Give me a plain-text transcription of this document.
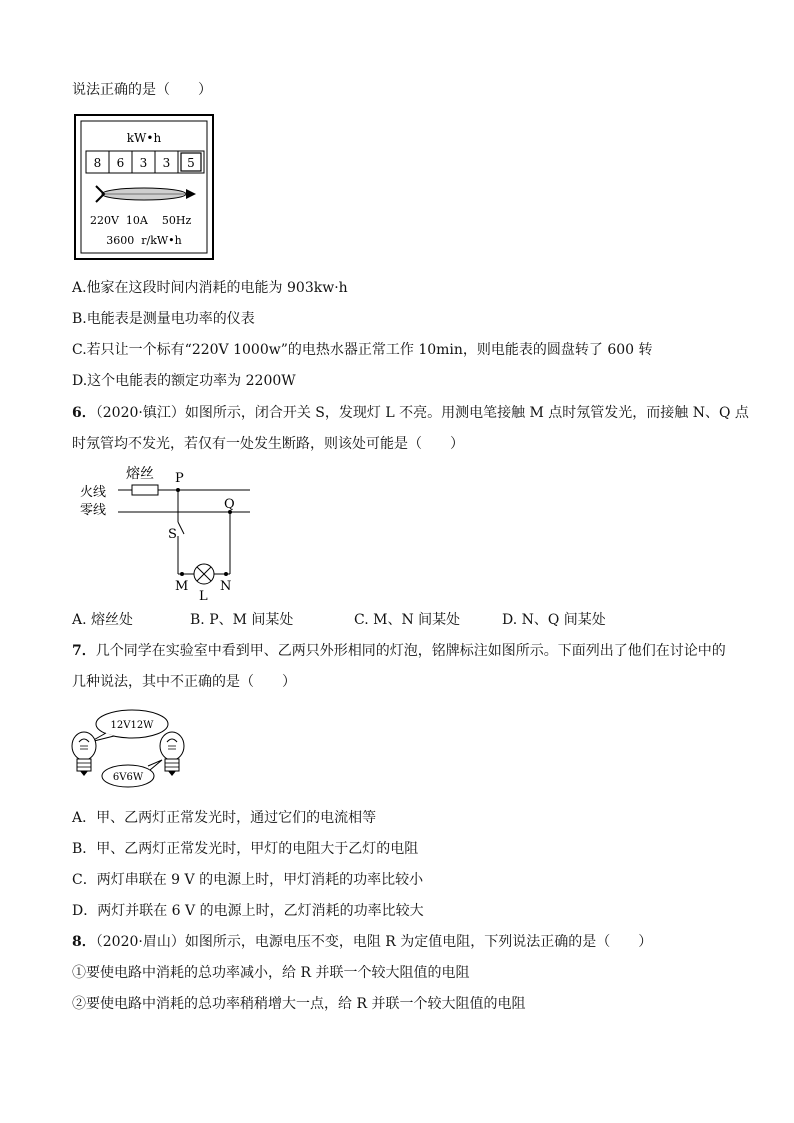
说法正确的是（　　）
kW•h
8 6 3 3 5
220V  10A    50Hz
3600  r/kW•h
A.他家在这段时间内消耗的电能为 903kw·h
B.电能表是测量电功率的仪表
C.若只让一个标有“220V 1000w”的电热水器正常工作 10min，则电能表的圆盘转了 600 转
D.这个电能表的额定功率为 2200W
6．（2020·镇江）如图所示，闭合开关 S，发现灯 L 不亮。用测电笔接触 M 点时氖管发光，而接触 N、Q 点
时氖管均不发光，若仅有一处发生断路，则该处可能是（　　）
熔丝
火线
零线
P
Q
S
M N
L
A. 熔丝处	B. P、M 间某处	C. M、N 间某处	D. N、Q 间某处
7．几个同学在实验室中看到甲、乙两只外形相同的灯泡，铭牌标注如图所示。下面列出了他们在讨论中的
几种说法，其中不正确的是（　　）
12V12W
6V6W
A．甲、乙两灯正常发光时，通过它们的电流相等
B．甲、乙两灯正常发光时，甲灯的电阻大于乙灯的电阻
C．两灯串联在 9 V 的电源上时，甲灯消耗的功率比较小
D．两灯并联在 6 V 的电源上时，乙灯消耗的功率比较大
8．（2020·眉山）如图所示，电源电压不变，电阻 R 为定值电阻，下列说法正确的是（　　）
①要使电路中消耗的总功率减小，给 R 并联一个较大阻值的电阻
②要使电路中消耗的总功率稍稍增大一点，给 R 并联一个较大阻值的电阻
